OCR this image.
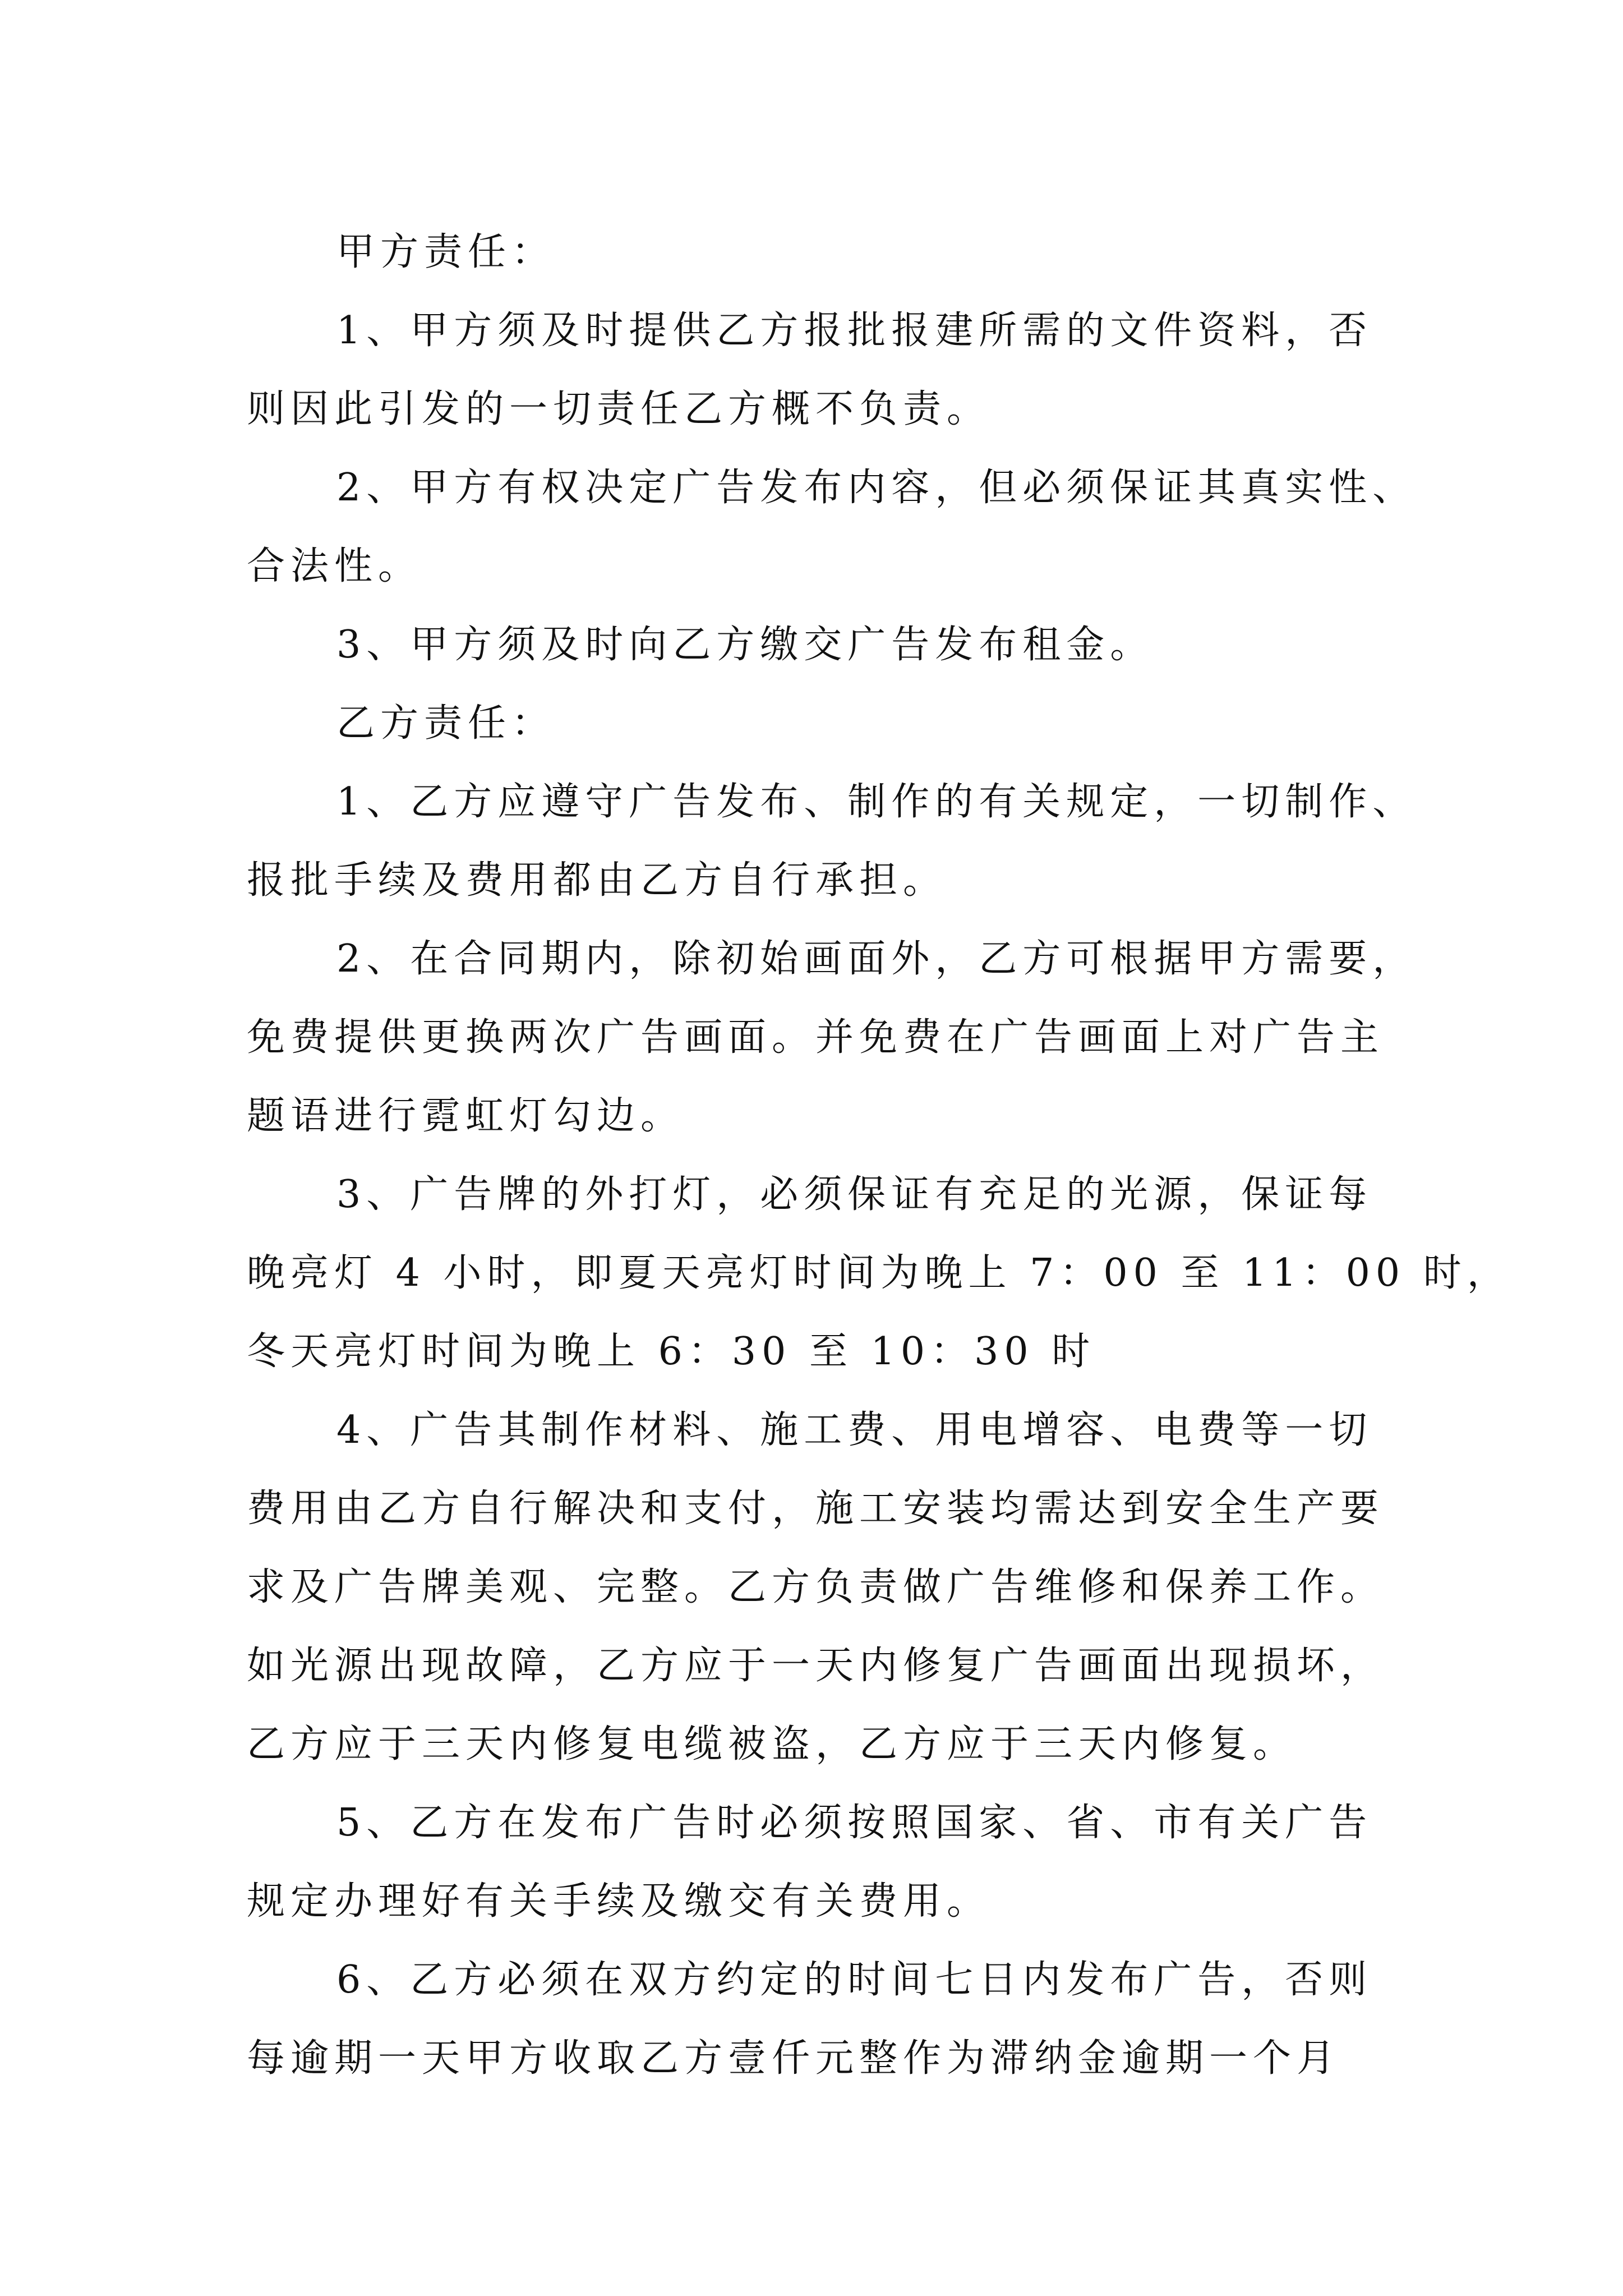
甲方责任：
1、甲方须及时提供乙方报批报建所需的文件资料，否
则因此引发的一切责任乙方概不负责。
2、甲方有权决定广告发布内容，但必须保证其真实性、
合法性。
3、甲方须及时向乙方缴交广告发布租金。
乙方责任：
1、乙方应遵守广告发布、制作的有关规定，一切制作、
报批手续及费用都由乙方自行承担。
2、在合同期内，除初始画面外，乙方可根据甲方需要，
免费提供更换两次广告画面。并免费在广告画面上对广告主
题语进行霓虹灯勾边。
3、广告牌的外打灯，必须保证有充足的光源，保证每
晚亮灯 4 小时，即夏天亮灯时间为晚上 7：00 至 11：00 时，
冬天亮灯时间为晚上 6：30 至 10：30 时
4、广告其制作材料、施工费、用电增容、电费等一切
费用由乙方自行解决和支付，施工安装均需达到安全生产要
求及广告牌美观、完整。乙方负责做广告维修和保养工作。
如光源出现故障，乙方应于一天内修复广告画面出现损坏，
乙方应于三天内修复电缆被盗，乙方应于三天内修复。
5、乙方在发布广告时必须按照国家、省、市有关广告
规定办理好有关手续及缴交有关费用。
6、乙方必须在双方约定的时间七日内发布广告，否则
每逾期一天甲方收取乙方壹仟元整作为滞纳金逾期一个月
